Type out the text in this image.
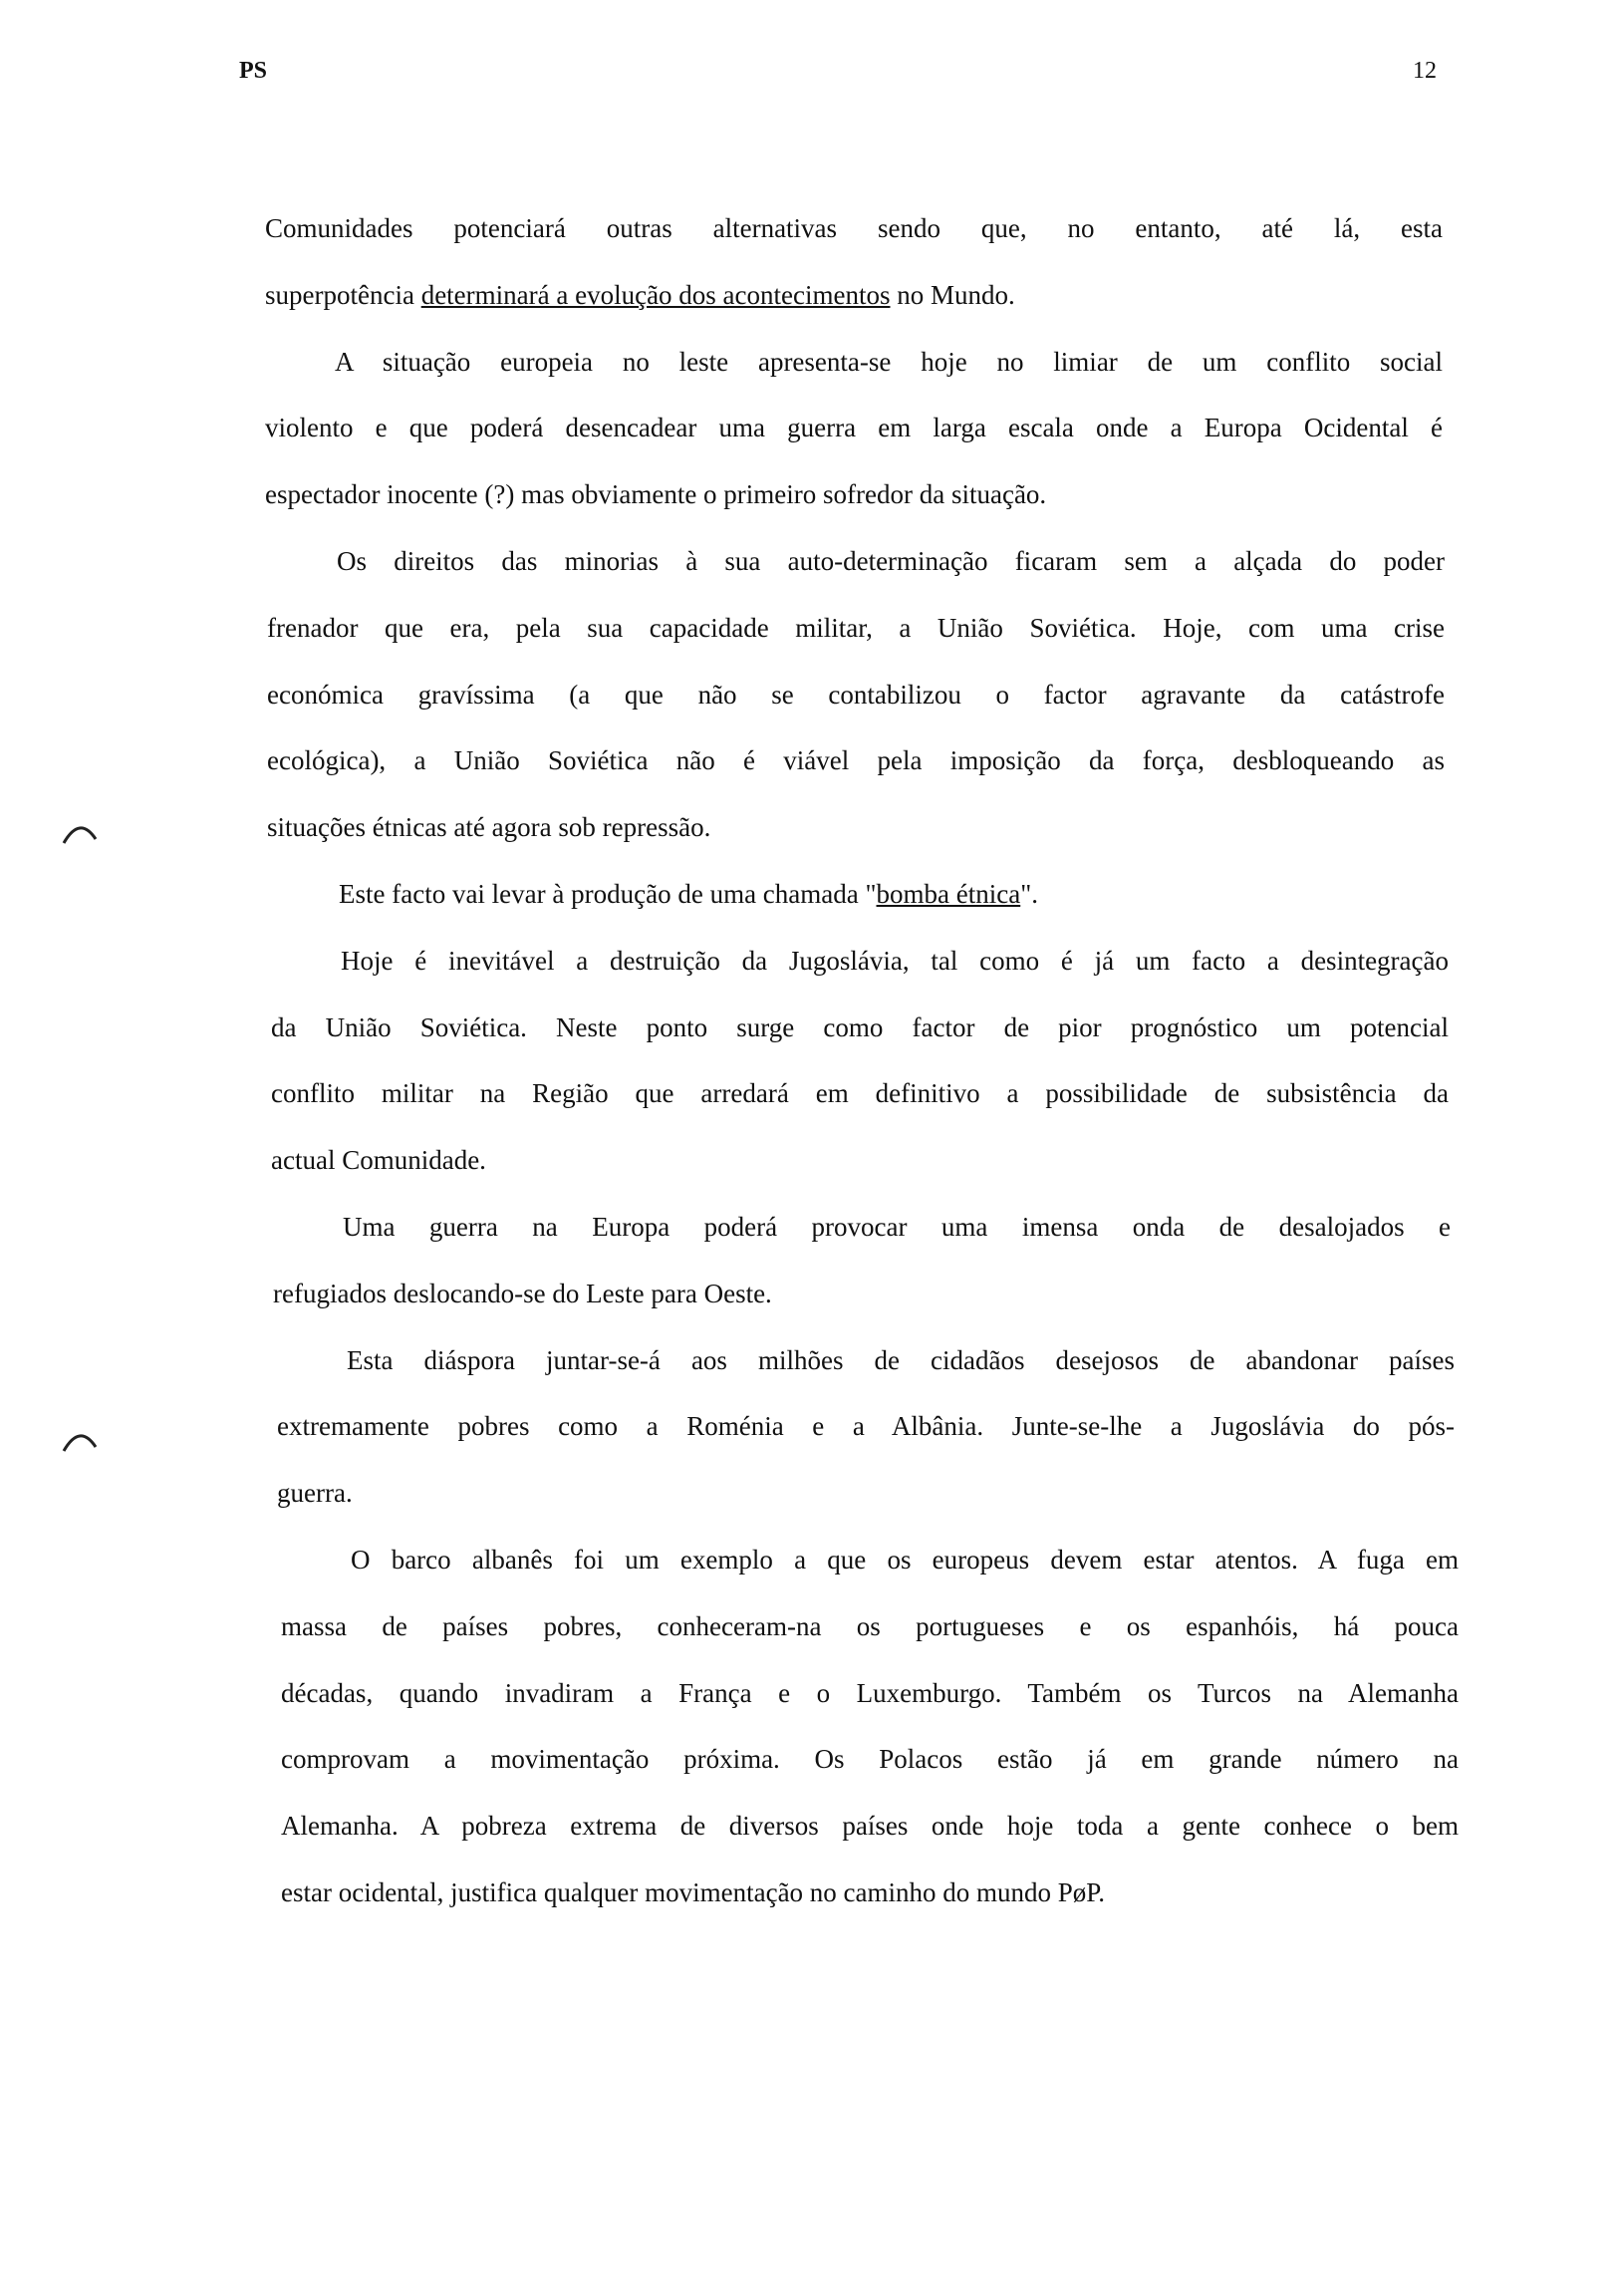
PS	12
Comunidades potenciará outras alternativas sendo que, no entanto, até lá, esta
superpotência determinará a evolução dos acontecimentos no Mundo.
A situação europeia no leste apresenta-se hoje no limiar de um conflito social
violento e que poderá desencadear uma guerra em larga escala onde a Europa Ocidental é
espectador inocente (?) mas obviamente o primeiro sofredor da situação.
Os direitos das minorias à sua auto-determinação ficaram sem a alçada do poder
frenador que era, pela sua capacidade militar, a União Soviética. Hoje, com uma crise
económica gravíssima (a que não se contabilizou o factor agravante da catástrofe
ecológica), a União Soviética não é viável pela imposição da força, desbloqueando as
situações étnicas até agora sob repressão.
Este facto vai levar à produção de uma chamada "bomba étnica".
Hoje é inevitável a destruição da Jugoslávia, tal como é já um facto a desintegração
da União Soviética. Neste ponto surge como factor de pior prognóstico um potencial
conflito militar na Região que arredará em definitivo a possibilidade de subsistência da
actual Comunidade.
Uma guerra na Europa poderá provocar uma imensa onda de desalojados e
refugiados deslocando-se do Leste para Oeste.
Esta diáspora juntar-se-á aos milhões de cidadãos desejosos de abandonar países
extremamente pobres como a Roménia e a Albânia. Junte-se-lhe a Jugoslávia do pós-
guerra.
O barco albanês foi um exemplo a que os europeus devem estar atentos. A fuga em
massa de países pobres, conheceram-na os portugueses e os espanhóis, há pouca
décadas, quando invadiram a França e o Luxemburgo. Também os Turcos na Alemanha
comprovam a movimentação próxima. Os Polacos estão já em grande número na
Alemanha. A pobreza extrema de diversos países onde hoje toda a gente conhece o bem
estar ocidental, justifica qualquer movimentação no caminho do mundo PøP.
